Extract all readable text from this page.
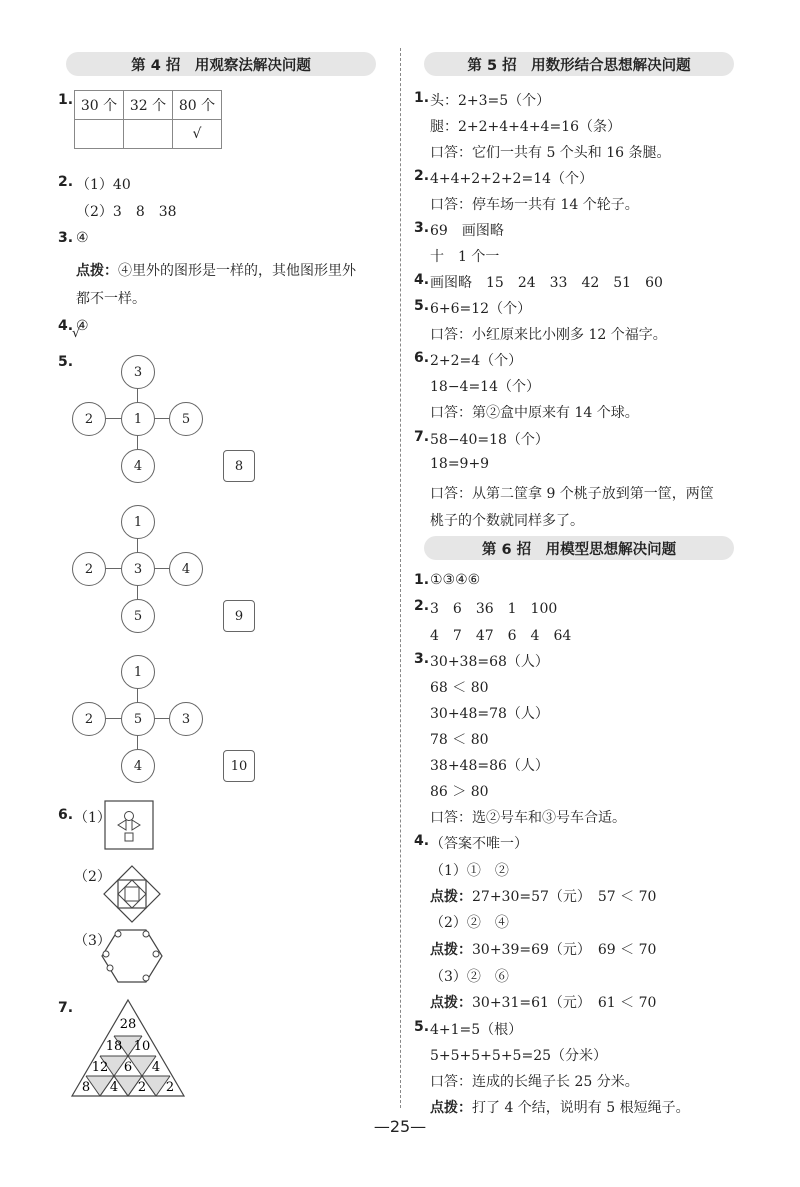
第 4 招　用观察法解决问题
1. 30 个	32 个	80 个
		√
2. （1）40
（2）3　8　38
3. ④
点拨：④里外的图形是一样的，其他图形里外
都不一样。
4. ④
√
5.
3
2	1	5
4	8
1
2	3	4
5	9
1
2	5	3
4	10
6. （1）
（2）
（3）
7.
28
18 10
12 6 4
8 4 2 2
第 5 招　用数形结合思想解决问题
1. 头：2+3=5（个）
腿：2+2+4+4+4=16（条）
口答：它们一共有 5 个头和 16 条腿。
2. 4+4+2+2+2=14（个）
口答：停车场一共有 14 个轮子。
3. 69　画图略
十　1 个一
4. 画图略　15　24　33　42　51　60
5. 6+6=12（个）
口答：小红原来比小刚多 12 个福字。
6. 2+2=4（个）
18−4=14（个）
口答：第②盒中原来有 14 个球。
7. 58−40=18（个）
18=9+9
口答：从第二筐拿 9 个桃子放到第一筐，两筐
桃子的个数就同样多了。
第 6 招　用模型思想解决问题
1. ①③④⑥
2. 3　6　36　1　100
4　7　47　6　4　64
3. 30+38=68（人）
68 ＜ 80
30+48=78（人）
78 ＜ 80
38+48=86（人）
86 ＞ 80
口答：选②号车和③号车合适。
4. （答案不唯一）
（1）①　②
点拨：27+30=57（元）　57 ＜ 70
（2）②　④
点拨：30+39=69（元）　69 ＜ 70
（3）②　⑥
点拨：30+31=61（元）　61 ＜ 70
5. 4+1=5（根）
5+5+5+5+5=25（分米）
口答：连成的长绳子长 25 分米。
点拨：打了 4 个结，说明有 5 根短绳子。
—25—
